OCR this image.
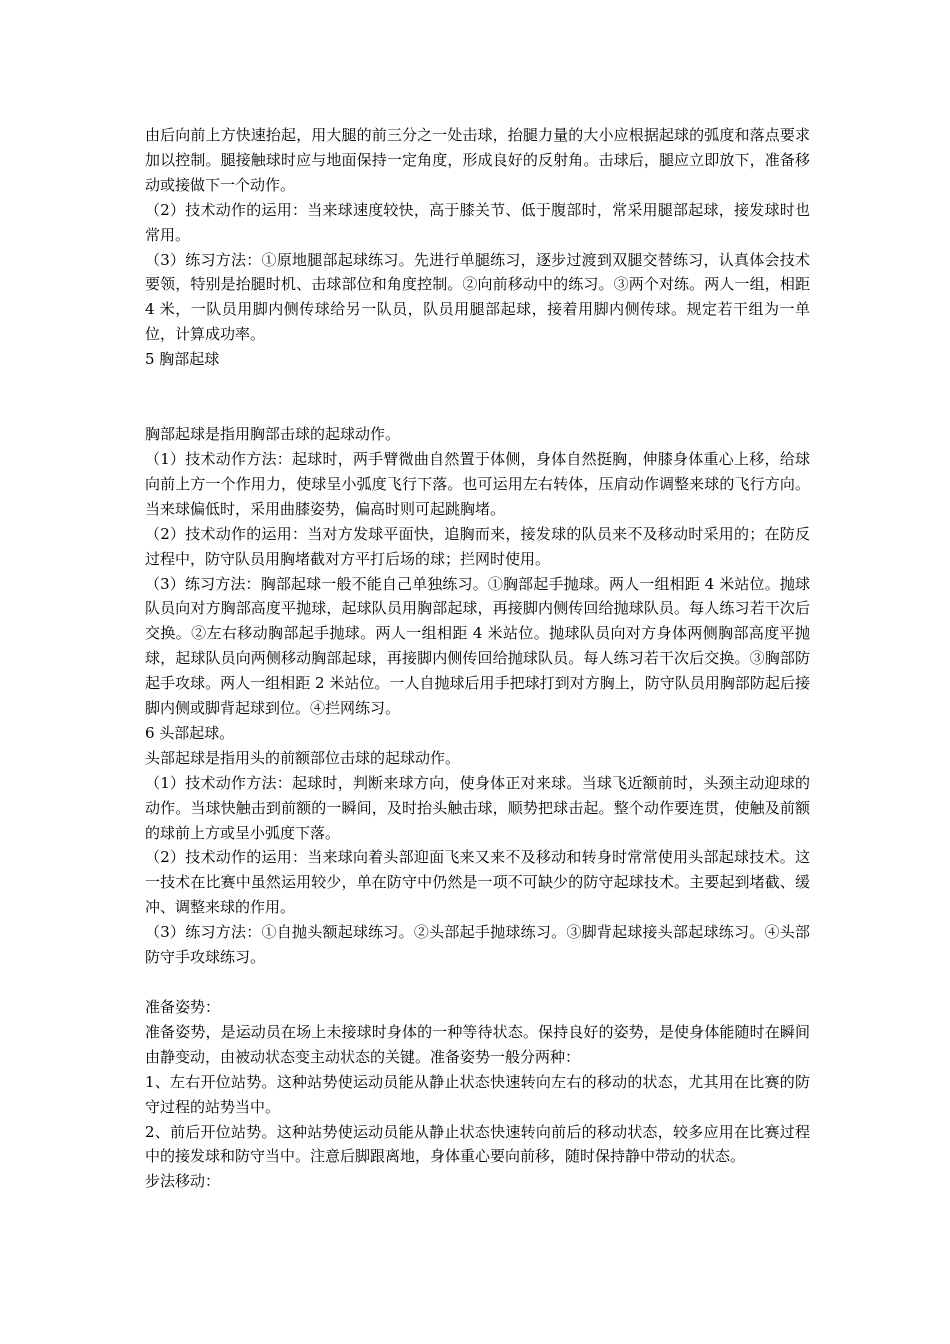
由后向前上方快速抬起，用大腿的前三分之一处击球，抬腿力量的大小应根据起球的弧度和落点要求加以控制。腿接触球时应与地面保持一定角度，形成良好的反射角。击球后，腿应立即放下，准备移动或接做下一个动作。

（2）技术动作的运用：当来球速度较快，高于膝关节、低于腹部时，常采用腿部起球，接发球时也常用。

（3）练习方法：①原地腿部起球练习。先进行单腿练习，逐步过渡到双腿交替练习，认真体会技术要领，特别是抬腿时机、击球部位和角度控制。②向前移动中的练习。③两个对练。两人一组，相距 4 米，一队员用脚内侧传球给另一队员，队员用腿部起球，接着用脚内侧传球。规定若干组为一单位，计算成功率。

5 胸部起球

胸部起球是指用胸部击球的起球动作。

（1）技术动作方法：起球时，两手臂微曲自然置于体侧，身体自然挺胸，伸膝身体重心上移，给球向前上方一个作用力，使球呈小弧度飞行下落。也可运用左右转体，压肩动作调整来球的飞行方向。当来球偏低时，采用曲膝姿势，偏高时则可起跳胸堵。

（2）技术动作的运用：当对方发球平面快，追胸而来，接发球的队员来不及移动时采用的；在防反过程中，防守队员用胸堵截对方平打后场的球；拦网时使用。

（3）练习方法：胸部起球一般不能自己单独练习。①胸部起手抛球。两人一组相距 4 米站位。抛球队员向对方胸部高度平抛球，起球队员用胸部起球，再接脚内侧传回给抛球队员。每人练习若干次后交换。②左右移动胸部起手抛球。两人一组相距 4 米站位。抛球队员向对方身体两侧胸部高度平抛球，起球队员向两侧移动胸部起球，再接脚内侧传回给抛球队员。每人练习若干次后交换。③胸部防起手攻球。两人一组相距 2 米站位。一人自抛球后用手把球打到对方胸上，防守队员用胸部防起后接脚内侧或脚背起球到位。④拦网练习。

6 头部起球。

头部起球是指用头的前额部位击球的起球动作。

（1）技术动作方法：起球时，判断来球方向，使身体正对来球。当球飞近额前时，头颈主动迎球的动作。当球快触击到前额的一瞬间，及时抬头触击球，顺势把球击起。整个动作要连贯，使触及前额的球前上方或呈小弧度下落。

（2）技术动作的运用：当来球向着头部迎面飞来又来不及移动和转身时常常使用头部起球技术。这一技术在比赛中虽然运用较少，单在防守中仍然是一项不可缺少的防守起球技术。主要起到堵截、缓冲、调整来球的作用。

（3）练习方法：①自抛头额起球练习。②头部起手抛球练习。③脚背起球接头部起球练习。④头部防守手攻球练习。

准备姿势：

准备姿势，是运动员在场上未接球时身体的一种等待状态。保持良好的姿势，是使身体能随时在瞬间由静变动，由被动状态变主动状态的关键。准备姿势一般分两种：

1、左右开位站势。这种站势使运动员能从静止状态快速转向左右的移动的状态，尤其用在比赛的防守过程的站势当中。

2、前后开位站势。这种站势使运动员能从静止状态快速转向前后的移动状态，较多应用在比赛过程中的接发球和防守当中。注意后脚跟离地，身体重心要向前移，随时保持静中带动的状态。

步法移动：
